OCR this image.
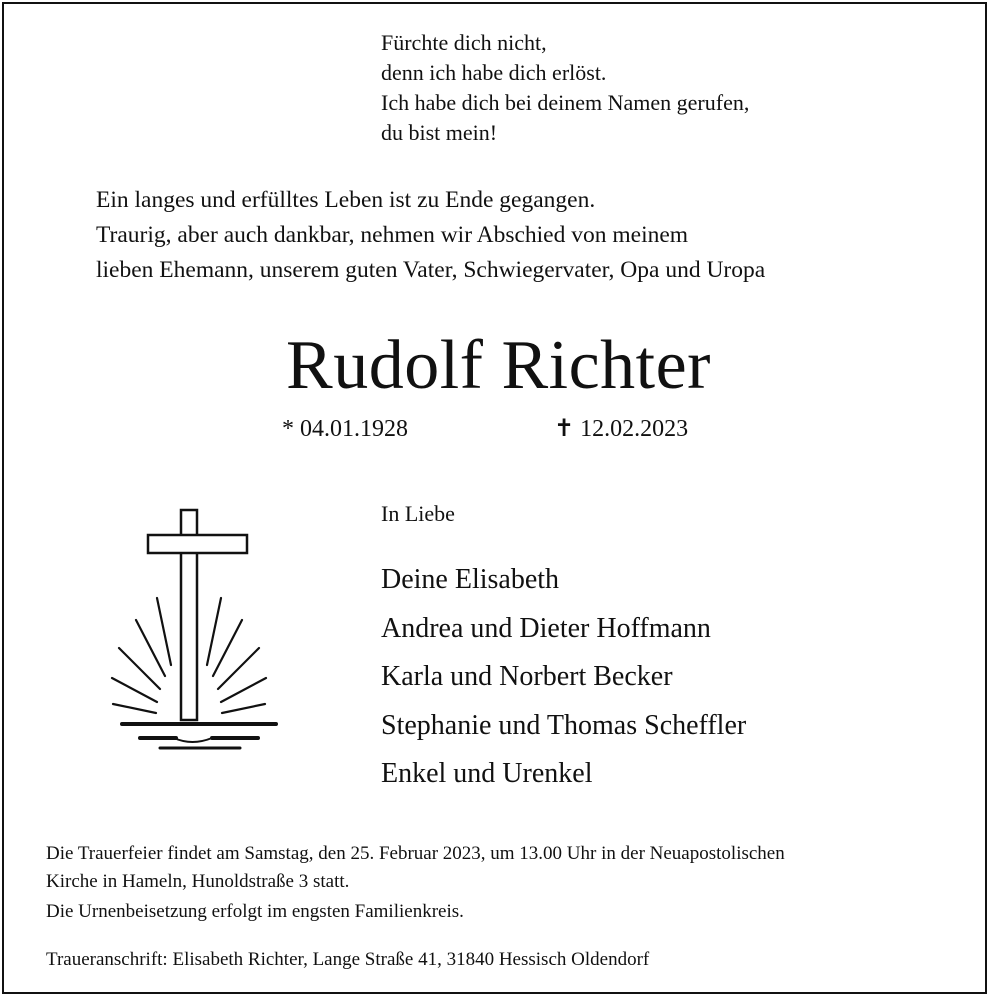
Fürchte dich nicht,
denn ich habe dich erlöst.
Ich habe dich bei deinem Namen gerufen,
du bist mein!
Ein langes und erfülltes Leben ist zu Ende gegangen.
Traurig, aber auch dankbar, nehmen wir Abschied von meinem
lieben Ehemann, unserem guten Vater, Schwiegervater, Opa und Uropa
Rudolf Richter
* 04.01.1928	✝ 12.02.2023
In Liebe
Deine Elisabeth
Andrea und Dieter Hoffmann
Karla und Norbert Becker
Stephanie und Thomas Scheffler
Enkel und Urenkel
Die Trauerfeier findet am Samstag, den 25. Februar 2023, um 13.00 Uhr in der Neuapostolischen
Kirche in Hameln, Hunoldstraße 3 statt.
Die Urnenbeisetzung erfolgt im engsten Familienkreis.
Traueranschrift: Elisabeth Richter, Lange Straße 41, 31840 Hessisch Oldendorf
